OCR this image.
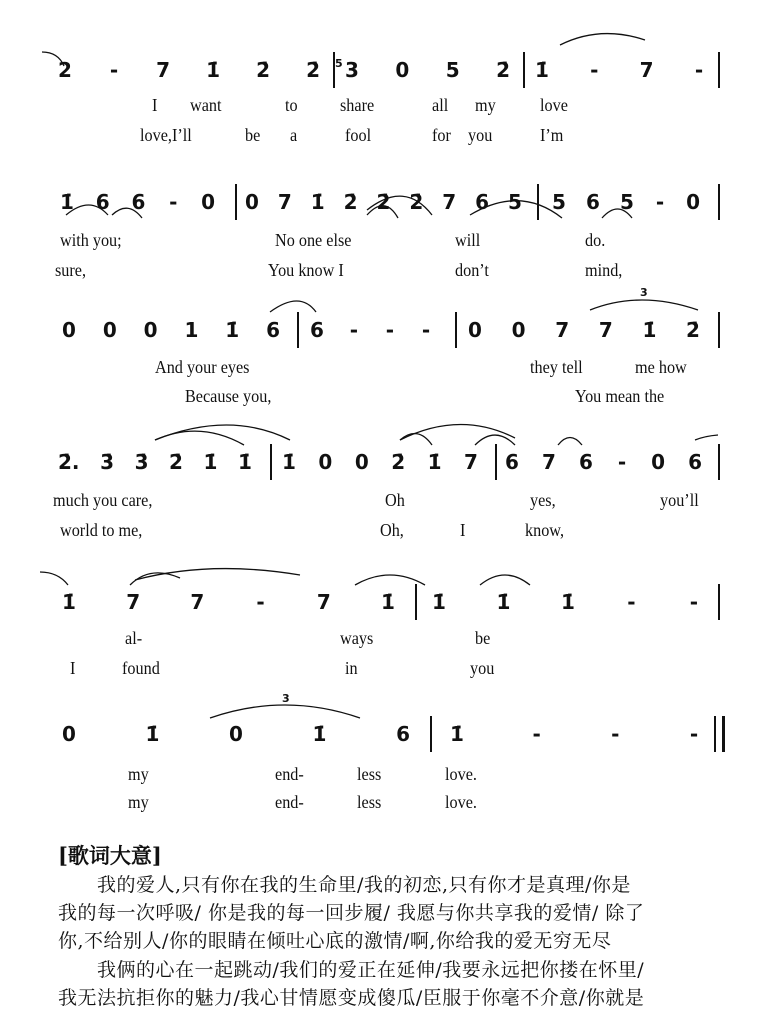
2 - 7 1̇ 2̇ 2̇ 3
5	0 5 2̇ 1̇ - 7 -
I want	to share	all my love
love,I’ll	be a	fool	for you	I’m
1̇ 6 6 - 0 0 7 1̇ 2̇ 2̇ 2̇ 7 6 5 5 6 5 - 0
with you;	No one else	will	do.
sure,	You know I	don’t	mind,
0 0 0 1 1̇ 6 6 - - - 0 0 7 7 1̇ 2̇
3
And your eyes	they tell	me how
Because you,	You mean the
2̇. 3̇ 3̇ 2̇ 1̇ 1̇ 1̇ 0 0 2̇ 1̇ 7 6 7 6 - 0 6
much you care,	Oh	yes,	you’ll
world to me,	Oh,	I	know,
1̇	7	7	-	7	1̇ 1̇	1̇	1̇	-	-
al-	ways	be
I	found	in	you
0	1̇	0	1̇	6 1̇	-	-	-
3
my	end-	less	love.
my	end-	less	love.
[歌词大意]
　　我的爱人,只有你在我的生命里/我的初恋,只有你才是真理/你是
我的每一次呼吸/ 你是我的每一回步履/ 我愿与你共享我的爱情/ 除了
你,不给别人/你的眼睛在倾吐心底的激情/啊,你给我的爱无穷无尽
　　我俩的心在一起跳动/我们的爱正在延伸/我要永远把你搂在怀里/
我无法抗拒你的魅力/我心甘情愿变成傻瓜/臣服于你毫不介意/你就是
